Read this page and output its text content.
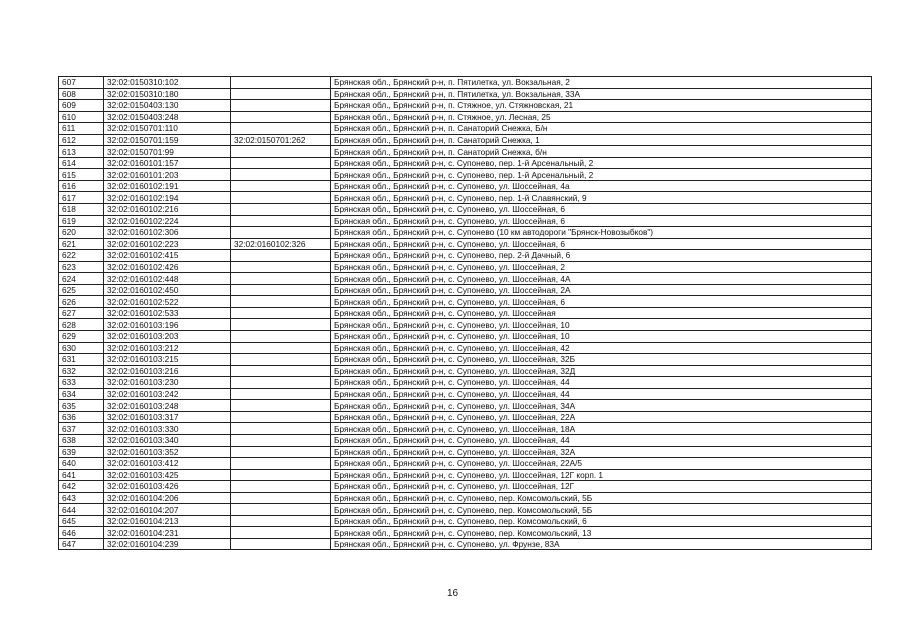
607	32:02:0150310:102		Брянская обл., Брянский р-н, п. Пятилетка, ул. Вокзальная, 2
608	32:02:0150310:180		Брянская обл., Брянский р-н, п. Пятилетка, ул. Вокзальная, 33А
609	32:02:0150403:130		Брянская обл., Брянский р-н, п. Стяжное, ул. Стяжновская, 21
610	32:02:0150403:248		Брянская обл., Брянский р-н, п. Стяжное, ул. Лесная, 25
611	32:02:0150701:110		Брянская обл., Брянский р-н, п. Санаторий Снежка, Б/н
612	32:02:0150701:159	32:02:0150701:262	Брянская обл., Брянский р-н, п. Санаторий Снежка, 1
613	32:02:0150701:99		Брянская обл., Брянский р-н, п. Санаторий Снежка, б/н
614	32:02:0160101:157		Брянская обл., Брянский р-н, с. Супонево, пер. 1-й Арсенальный, 2
615	32:02:0160101:203		Брянская обл., Брянский р-н, с. Супонево, пер. 1-й Арсенальный, 2
616	32:02:0160102:191		Брянская обл., Брянский р-н, с. Супонево, ул. Шоссейная, 4а
617	32:02:0160102:194		Брянская обл., Брянский р-н, с. Супонево, пер. 1-й Славянский, 9
618	32:02:0160102:216		Брянская обл., Брянский р-н, с. Супонево, ул. Шоссейная, 6
619	32:02:0160102:224		Брянская обл., Брянский р-н, с. Супонево, ул. Шоссейная, 6
620	32:02:0160102:306		Брянская обл., Брянский р-н, с. Супонево (10 км автодороги "Брянск-Новозыбков")
621	32:02:0160102:223	32:02:0160102:326	Брянская обл., Брянский р-н, с. Супонево, ул. Шоссейная, 6
622	32:02:0160102:415		Брянская обл., Брянский р-н, с. Супонево, пер. 2-й Дачный, 6
623	32:02:0160102:426		Брянская обл., Брянский р-н, с. Супонево, ул. Шоссейная, 2
624	32:02:0160102:448		Брянская обл., Брянский р-н, с. Супонево, ул. Шоссейная, 4А
625	32:02:0160102:450		Брянская обл., Брянский р-н, с. Супонево, ул. Шоссейная, 2А
626	32:02:0160102:522		Брянская обл., Брянский р-н, с. Супонево, ул. Шоссейная, 6
627	32:02:0160102:533		Брянская обл., Брянский р-н, с. Супонево, ул. Шоссейная
628	32:02:0160103:196		Брянская обл., Брянский р-н, с. Супонево, ул. Шоссейная, 10
629	32:02:0160103:203		Брянская обл., Брянский р-н, с. Супонево, ул. Шоссейная, 10
630	32:02:0160103:212		Брянская обл., Брянский р-н, с. Супонево, ул. Шоссейная, 42
631	32:02:0160103:215		Брянская обл., Брянский р-н, с. Супонево, ул. Шоссейная, 32Б
632	32:02:0160103:216		Брянская обл., Брянский р-н, с. Супонево, ул. Шоссейная, 32Д
633	32:02:0160103:230		Брянская обл., Брянский р-н, с. Супонево, ул. Шоссейная, 44
634	32:02:0160103:242		Брянская обл., Брянский р-н, с. Супонево, ул. Шоссейная, 44
635	32:02:0160103:248		Брянская обл., Брянский р-н, с. Супонево, ул. Шоссейная, 34А
636	32:02:0160103:317		Брянская обл., Брянский р-н, с. Супонево, ул. Шоссейная, 22А
637	32:02:0160103:330		Брянская обл., Брянский р-н, с. Супонево, ул. Шоссейная, 18А
638	32:02:0160103:340		Брянская обл., Брянский р-н, с. Супонево, ул. Шоссейная, 44
639	32:02:0160103:352		Брянская обл., Брянский р-н, с. Супонево, ул. Шоссейная, 32А
640	32:02:0160103:412		Брянская обл., Брянский р-н, с. Супонево, ул. Шоссейная, 22А/5
641	32:02:0160103:425		Брянская обл., Брянский р-н, с. Супонево, ул. Шоссейная, 12Г корп. 1
642	32:02:0160103:426		Брянская обл., Брянский р-н, с. Супонево, ул. Шоссейная, 12Г
643	32:02:0160104:206		Брянская обл., Брянский р-н, с. Супонево, пер. Комсомольский, 5Б
644	32:02:0160104:207		Брянская обл., Брянский р-н, с. Супонево, пер. Комсомольский, 5Б
645	32:02:0160104:213		Брянская обл., Брянский р-н, с. Супонево, пер. Комсомольский, 6
646	32:02:0160104:231		Брянская обл., Брянский р-н, с. Супонево, пер. Комсомольский, 13
647	32:02:0160104:239		Брянская обл., Брянский р-н, с. Супонево, ул. Фрунзе, 83А
16
